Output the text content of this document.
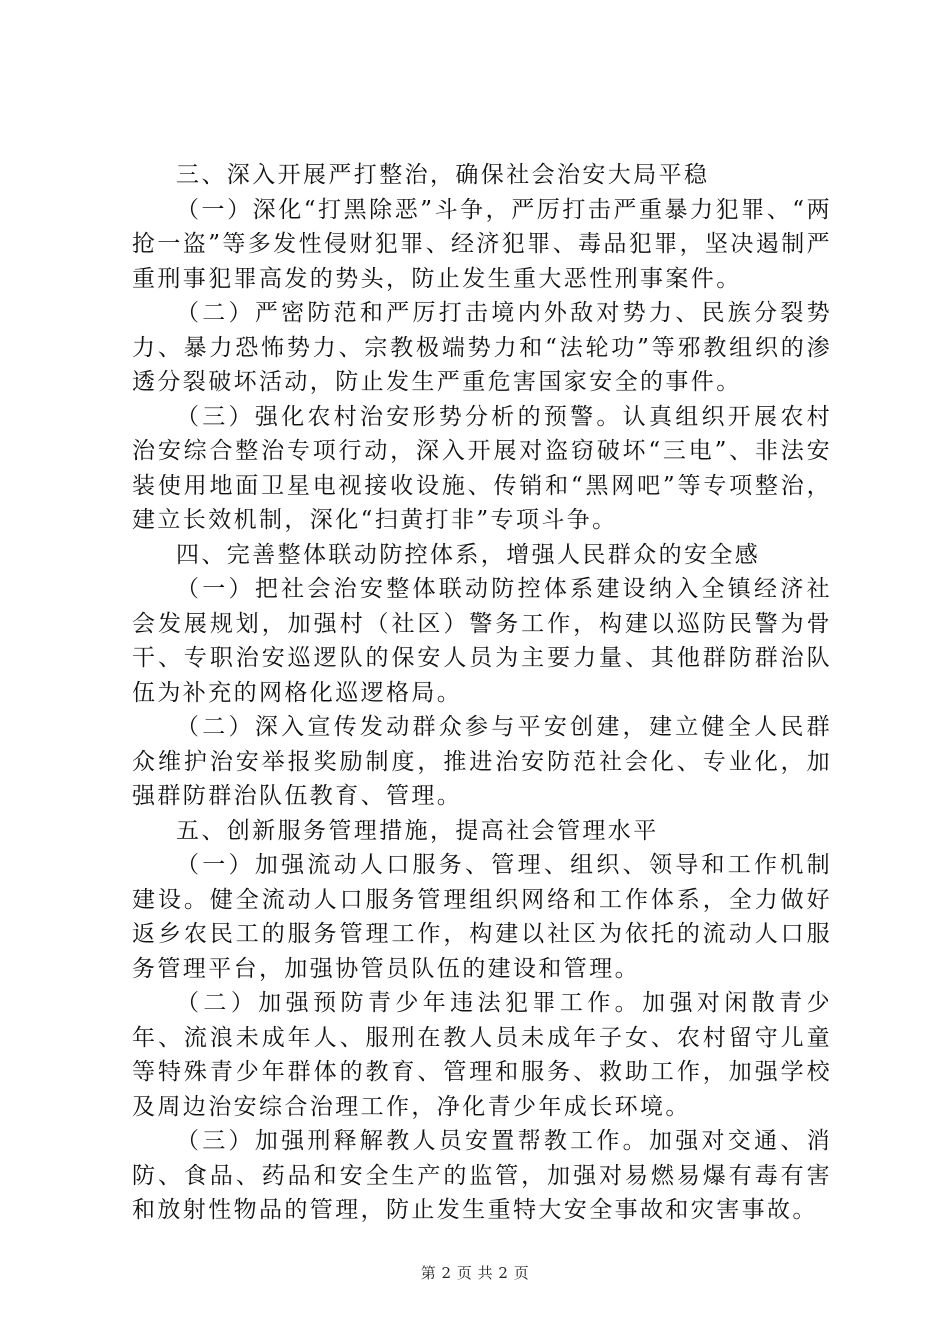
三、深入开展严打整治，确保社会治安大局平稳

（一）深化“打黑除恶”斗争，严厉打击严重暴力犯罪、“两抢一盗”等多发性侵财犯罪、经济犯罪、毒品犯罪，坚决遏制严重刑事犯罪高发的势头，防止发生重大恶性刑事案件。

（二）严密防范和严厉打击境内外敌对势力、民族分裂势力、暴力恐怖势力、宗教极端势力和“法轮功”等邪教组织的渗透分裂破坏活动，防止发生严重危害国家安全的事件。

（三）强化农村治安形势分析的预警。认真组织开展农村治安综合整治专项行动，深入开展对盗窃破坏“三电”、非法安装使用地面卫星电视接收设施、传销和“黑网吧”等专项整治，建立长效机制，深化“扫黄打非”专项斗争。

四、完善整体联动防控体系，增强人民群众的安全感

（一）把社会治安整体联动防控体系建设纳入全镇经济社会发展规划，加强村（社区）警务工作，构建以巡防民警为骨干、专职治安巡逻队的保安人员为主要力量、其他群防群治队伍为补充的网格化巡逻格局。

（二）深入宣传发动群众参与平安创建，建立健全人民群众维护治安举报奖励制度，推进治安防范社会化、专业化，加强群防群治队伍教育、管理。

五、创新服务管理措施，提高社会管理水平

（一）加强流动人口服务、管理、组织、领导和工作机制建设。健全流动人口服务管理组织网络和工作体系，全力做好返乡农民工的服务管理工作，构建以社区为依托的流动人口服务管理平台，加强协管员队伍的建设和管理。

（二）加强预防青少年违法犯罪工作。加强对闲散青少年、流浪未成年人、服刑在教人员未成年子女、农村留守儿童等特殊青少年群体的教育、管理和服务、救助工作，加强学校及周边治安综合治理工作，净化青少年成长环境。

（三）加强刑释解教人员安置帮教工作。加强对交通、消防、食品、药品和安全生产的监管，加强对易燃易爆有毒有害和放射性物品的管理，防止发生重特大安全事故和灾害事故。

第 2 页 共 2 页
